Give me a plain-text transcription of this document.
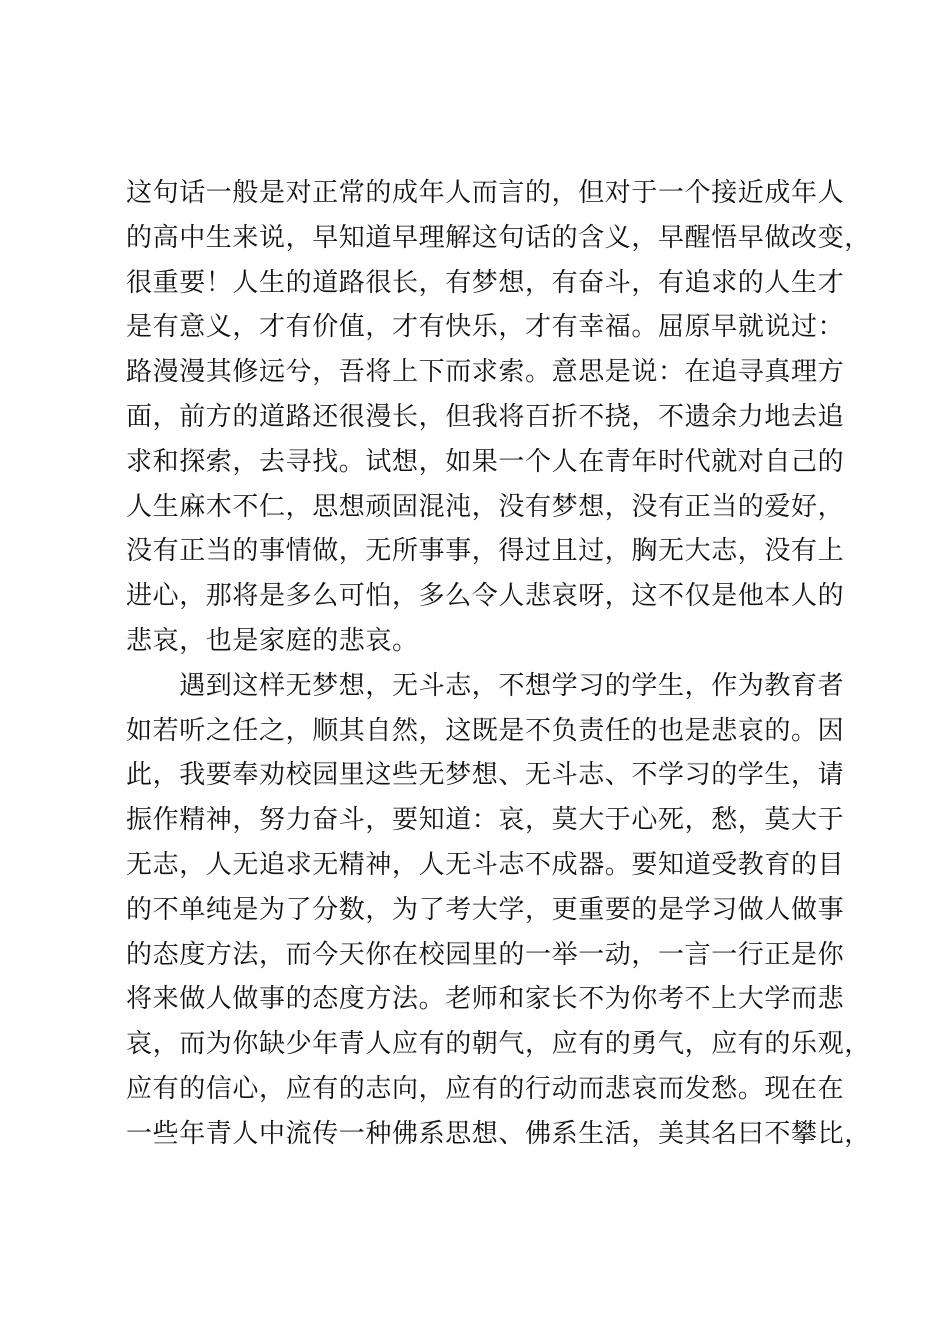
这句话一般是对正常的成年人而言的，但对于一个接近成年人
的高中生来说，早知道早理解这句话的含义，早醒悟早做改变，
很重要！人生的道路很长，有梦想，有奋斗，有追求的人生才
是有意义，才有价值，才有快乐，才有幸福。屈原早就说过：
路漫漫其修远兮，吾将上下而求索。意思是说：在追寻真理方
面，前方的道路还很漫长，但我将百折不挠，不遗余力地去追
求和探索，去寻找。试想，如果一个人在青年时代就对自己的
人生麻木不仁，思想顽固混沌，没有梦想，没有正当的爱好，
没有正当的事情做，无所事事，得过且过，胸无大志，没有上
进心，那将是多么可怕，多么令人悲哀呀，这不仅是他本人的
悲哀，也是家庭的悲哀。
　　遇到这样无梦想，无斗志，不想学习的学生，作为教育者
如若听之任之，顺其自然，这既是不负责任的也是悲哀的。因
此，我要奉劝校园里这些无梦想、无斗志、不学习的学生，请
振作精神，努力奋斗，要知道：哀，莫大于心死，愁，莫大于
无志，人无追求无精神，人无斗志不成器。要知道受教育的目
的不单纯是为了分数，为了考大学，更重要的是学习做人做事
的态度方法，而今天你在校园里的一举一动，一言一行正是你
将来做人做事的态度方法。老师和家长不为你考不上大学而悲
哀，而为你缺少年青人应有的朝气，应有的勇气，应有的乐观，
应有的信心，应有的志向，应有的行动而悲哀而发愁。现在在
一些年青人中流传一种佛系思想、佛系生活，美其名曰不攀比，
